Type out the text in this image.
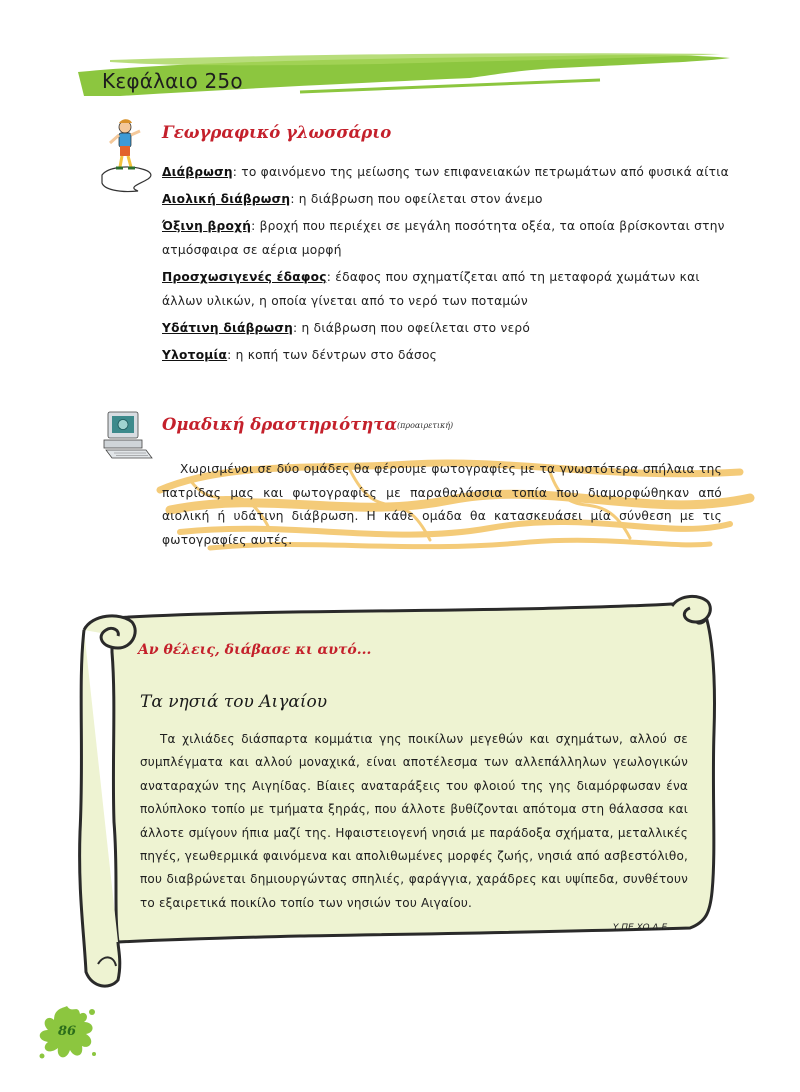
Κεφάλαιο 25ο
Γεωγραφικό γλωσσάριο
Διάβρωση: το φαινόμενο της μείωσης των επιφανειακών πετρωμάτων από φυσικά αίτια
Αιολική διάβρωση: η διάβρωση που οφείλεται στον άνεμο
Όξινη βροχή: βροχή που περιέχει σε μεγάλη ποσότητα οξέα, τα οποία βρίσκονται στην ατμόσφαιρα σε αέρια μορφή
Προσχωσιγενές έδαφος: έδαφος που σχηματίζεται από τη μεταφορά χωμάτων και άλλων υλικών, η οποία γίνεται από το νερό των ποταμών
Υδάτινη διάβρωση: η διάβρωση που οφείλεται στο νερό
Υλοτομία: η κοπή των δέντρων στο δάσος
Ομαδική δραστηριότητα (προαιρετική)
Χωρισμένοι σε δύο ομάδες θα φέρουμε φωτογραφίες με τα γνωστότερα σπήλαια της πατρίδας μας και φωτογραφίες με παραθαλάσσια τοπία που διαμορφώθηκαν από αιολική ή υδάτινη διάβρωση. Η κάθε ομάδα θα κατασκευάσει μία σύνθεση με τις φωτογραφίες αυτές.
Αν θέλεις, διάβασε κι αυτό...
Τα νησιά του Αιγαίου
Τα χιλιάδες διάσπαρτα κομμάτια γης ποικίλων μεγεθών και σχημάτων, αλλού σε συμπλέγματα και αλλού μοναχικά, είναι αποτέλεσμα των αλλεπάλληλων γεωλογικών αναταραχών της Αιγηίδας. Βίαιες αναταράξεις του φλοιού της γης διαμόρφωσαν ένα πολύπλοκο τοπίο με τμήματα ξηράς, που άλλοτε βυθίζονται απότομα στη θάλασσα και άλλοτε σμίγουν ήπια μαζί της. Ηφαιστειογενή νησιά με παράδοξα σχήματα, μεταλλικές πηγές, γεωθερμικά φαινόμενα και απολιθωμένες μορφές ζωής, νησιά από ασβεστόλιθο, που διαβρώνεται δημιουργώντας σπηλιές, φαράγγια, χαράδρες και υψίπεδα, συνθέτουν το εξαιρετικά ποικίλο τοπίο των νησιών του Αιγαίου.
Υ.ΠΕ.ΧΩ.Δ.Ε.
86
